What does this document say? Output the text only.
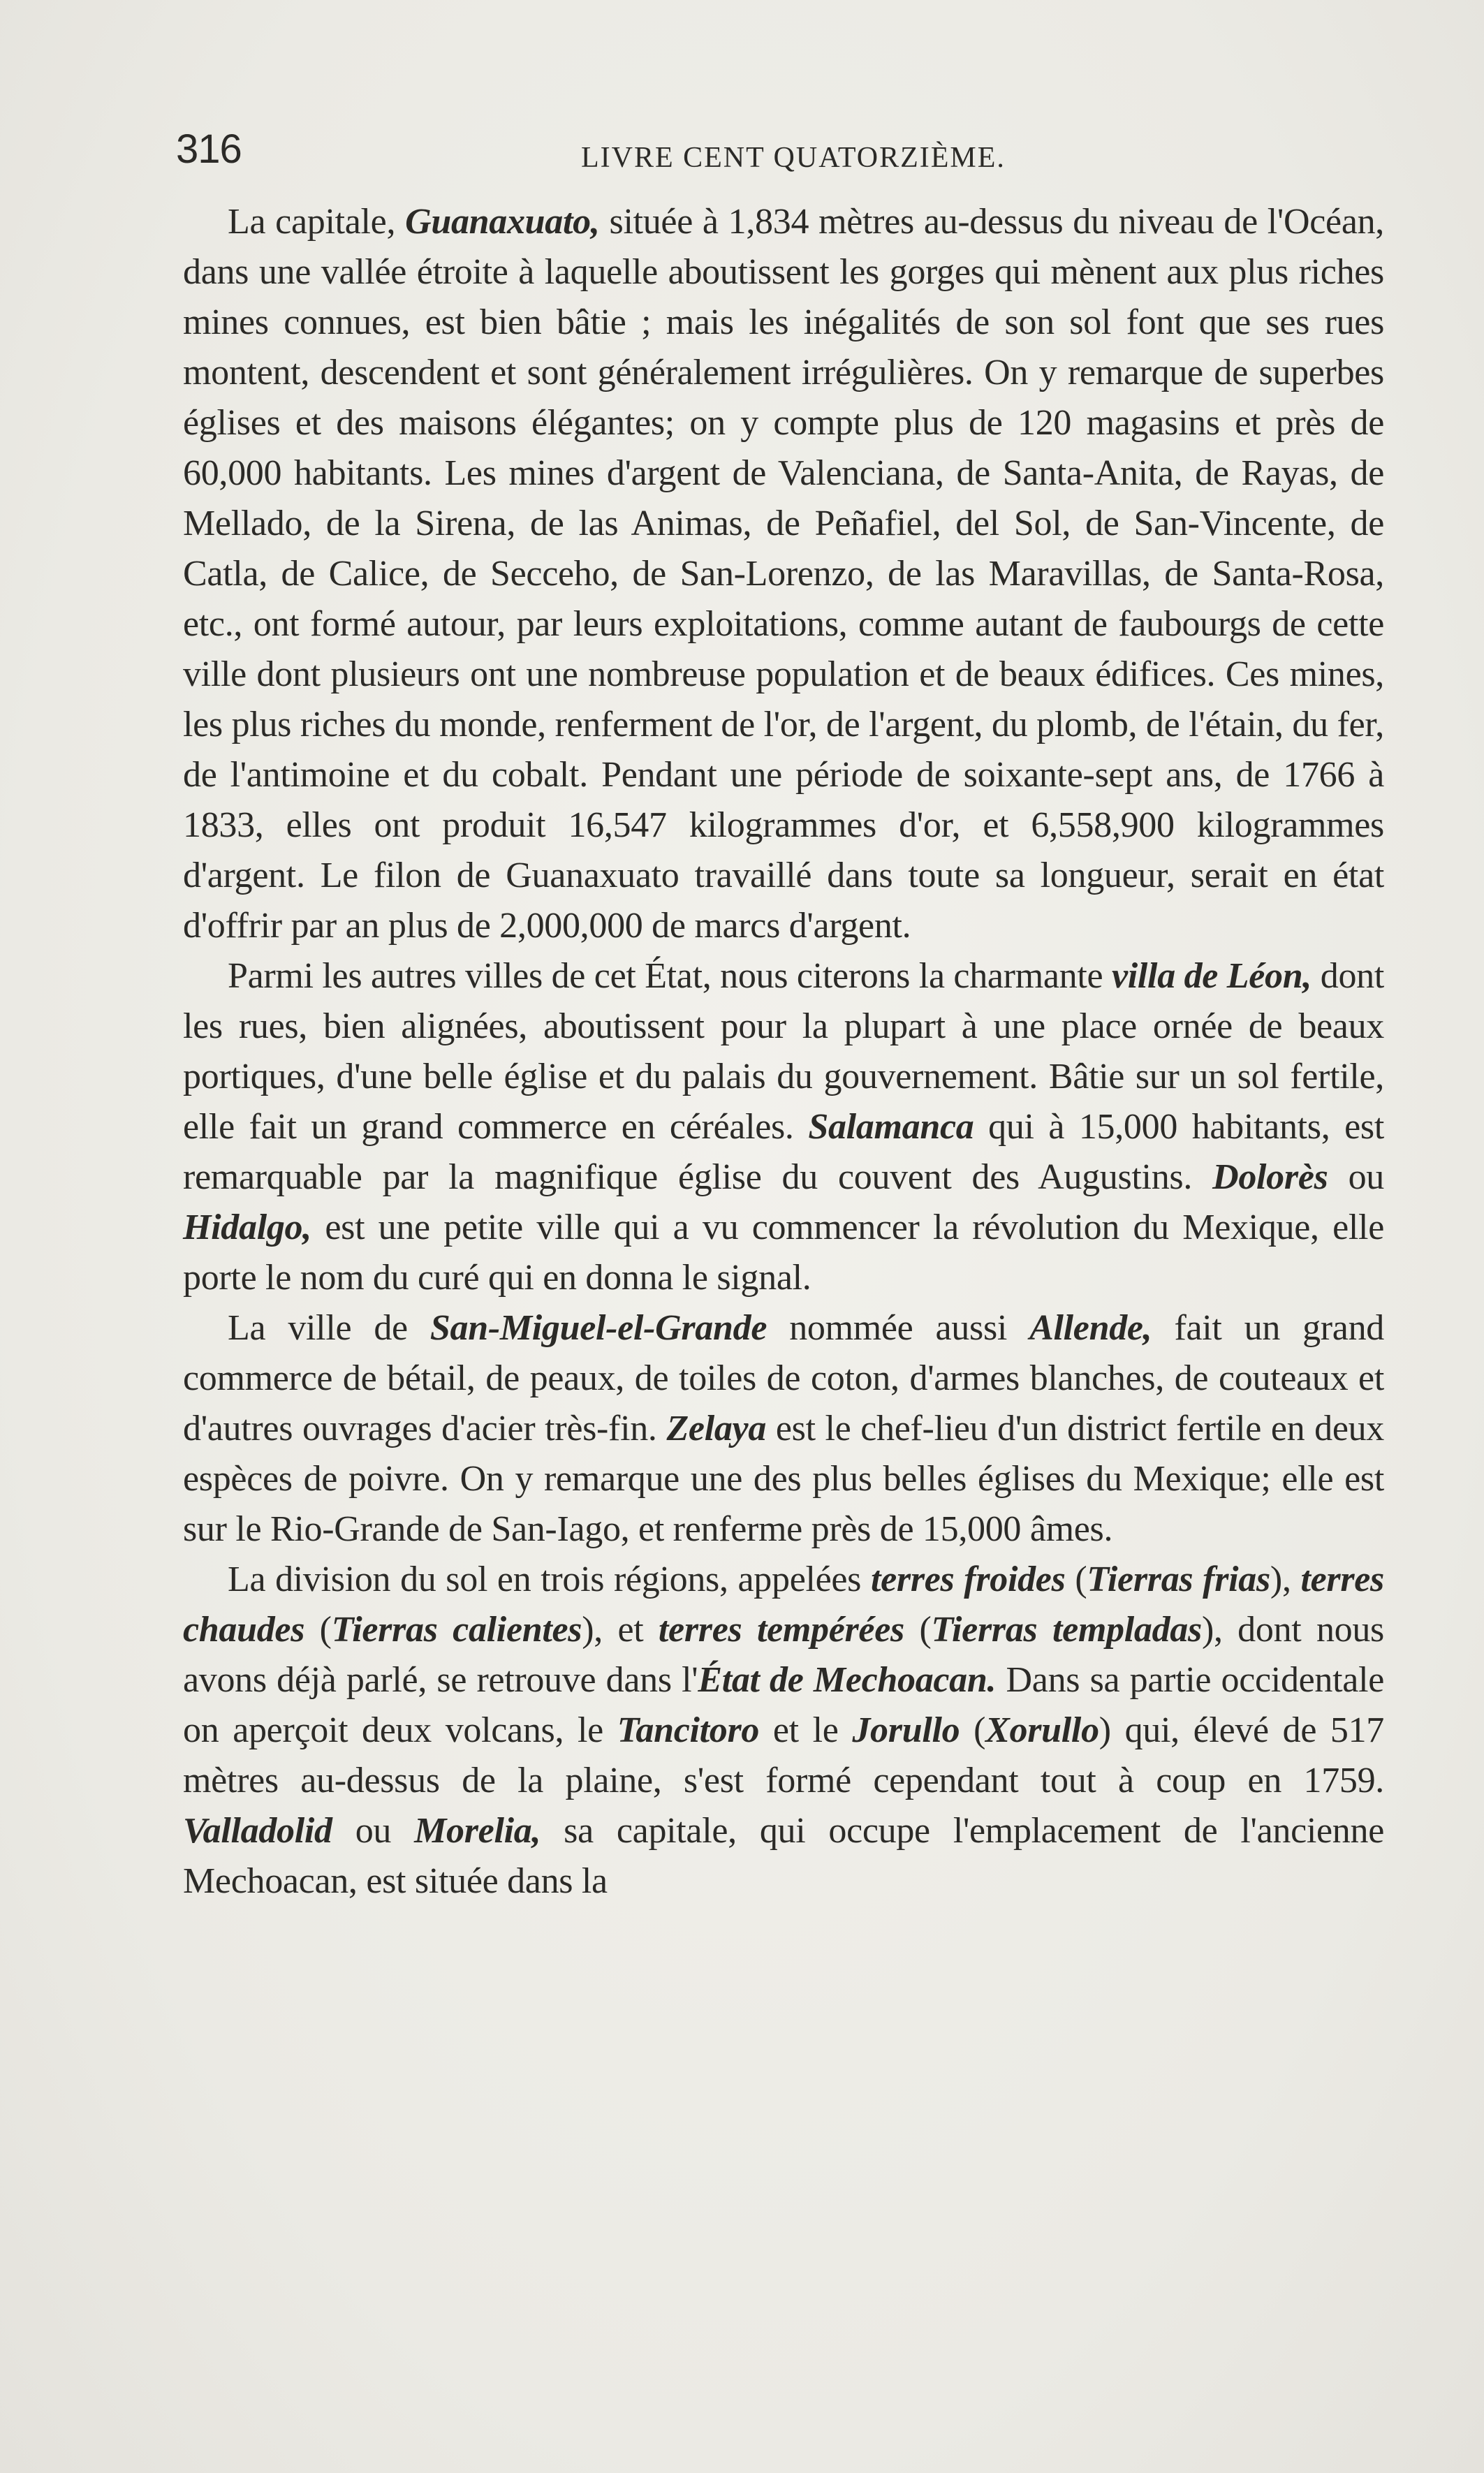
316	LIVRE CENT QUATORZIÈME.

La capitale, Guanaxuato, située à 1,834 mètres au-dessus du niveau de l'Océan, dans une vallée étroite à laquelle aboutissent les gorges qui mènent aux plus riches mines connues, est bien bâtie ; mais les inégalités de son sol font que ses rues montent, descendent et sont généralement irrégulières. On y remarque de superbes églises et des maisons élégantes; on y compte plus de 120 magasins et près de 60,000 habitants. Les mines d'argent de Valenciana, de Santa-Anita, de Rayas, de Mellado, de la Sirena, de las Animas, de Peñafiel, del Sol, de San-Vincente, de Catla, de Calice, de Secceho, de San-Lorenzo, de las Maravillas, de Santa-Rosa, etc., ont formé autour, par leurs exploitations, comme autant de faubourgs de cette ville dont plusieurs ont une nombreuse population et de beaux édifices. Ces mines, les plus riches du monde, renferment de l'or, de l'argent, du plomb, de l'étain, du fer, de l'antimoine et du cobalt. Pendant une période de soixante-sept ans, de 1766 à 1833, elles ont produit 16,547 kilogrammes d'or, et 6,558,900 kilogrammes d'argent. Le filon de Guanaxuato travaillé dans toute sa longueur, serait en état d'offrir par an plus de 2,000,000 de marcs d'argent.

Parmi les autres villes de cet État, nous citerons la charmante villa de Léon, dont les rues, bien alignées, aboutissent pour la plupart à une place ornée de beaux portiques, d'une belle église et du palais du gouvernement. Bâtie sur un sol fertile, elle fait un grand commerce en céréales. Salamanca qui à 15,000 habitants, est remarquable par la magnifique église du couvent des Augustins. Dolorès ou Hidalgo, est une petite ville qui a vu commencer la révolution du Mexique, elle porte le nom du curé qui en donna le signal.

La ville de San-Miguel-el-Grande nommée aussi Allende, fait un grand commerce de bétail, de peaux, de toiles de coton, d'armes blanches, de couteaux et d'autres ouvrages d'acier très-fin. Zelaya est le chef-lieu d'un district fertile en deux espèces de poivre. On y remarque une des plus belles églises du Mexique; elle est sur le Rio-Grande de San-Iago, et renferme près de 15,000 âmes.

La division du sol en trois régions, appelées terres froides (Tierras frias), terres chaudes (Tierras calientes), et terres tempérées (Tierras templadas), dont nous avons déjà parlé, se retrouve dans l'État de Mechoacan. Dans sa partie occidentale on aperçoit deux volcans, le Tancitoro et le Jorullo (Xorullo) qui, élevé de 517 mètres au-dessus de la plaine, s'est formé cependant tout à coup en 1759. Valladolid ou Morelia, sa capitale, qui occupe l'emplacement de l'ancienne Mechoacan, est située dans la
